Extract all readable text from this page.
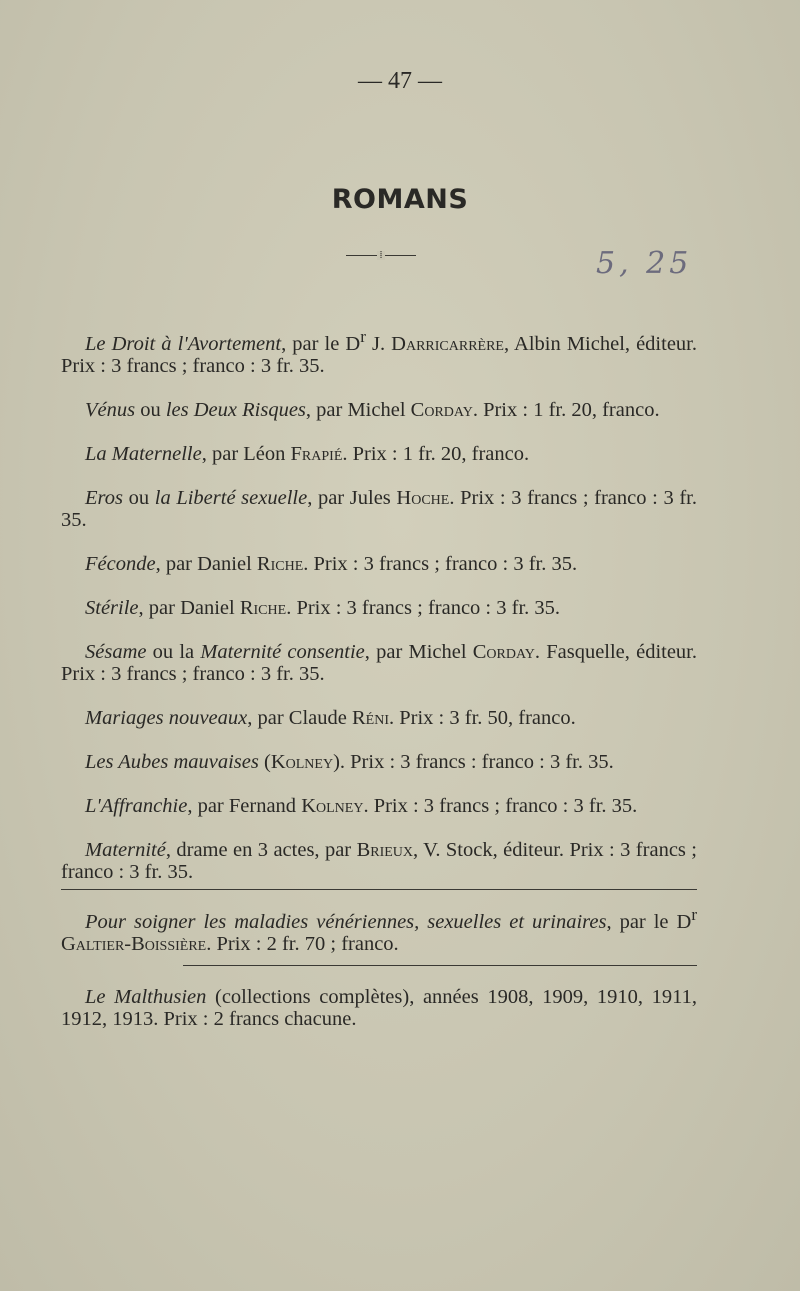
— 47 —
ROMANS
⁞	5, 25

Le Droit à l'Avortement, par le $D^r$ J. Darricarrère, Albin Michel, éditeur. Prix : 3 francs ; franco : 3 fr. 35.

Vénus ou les Deux Risques, par Michel Corday. Prix : 1 fr. 20, franco.

La Maternelle, par Léon Frapié. Prix : 1 fr. 20, franco.

Eros ou la Liberté sexuelle, par Jules Hoche. Prix : 3 francs ; franco : 3 fr. 35.

Féconde, par Daniel Riche. Prix : 3 francs ; franco : 3 fr. 35.

Stérile, par Daniel Riche. Prix : 3 francs ; franco : 3 fr. 35.

Sésame ou la Maternité consentie, par Michel Corday. Fasquelle, éditeur. Prix : 3 francs ; franco : 3 fr. 35.

Mariages nouveaux, par Claude Réni. Prix : 3 fr. 50, franco.

Les Aubes mauvaises (Kolney). Prix : 3 francs : franco : 3 fr. 35.

L'Affranchie, par Fernand Kolney. Prix : 3 francs ; franco : 3 fr. 35.

Maternité, drame en 3 actes, par Brieux, V. Stock, éditeur. Prix : 3 francs ; franco : 3 fr. 35.

Pour soigner les maladies vénériennes, sexuelles et urinaires, par le $D^r$ Galtier-Boissière. Prix : 2 fr. 70 ; franco.

Le Malthusien (collections complètes), années 1908, 1909, 1910, 1911, 1912, 1913. Prix : 2 francs chacune.
